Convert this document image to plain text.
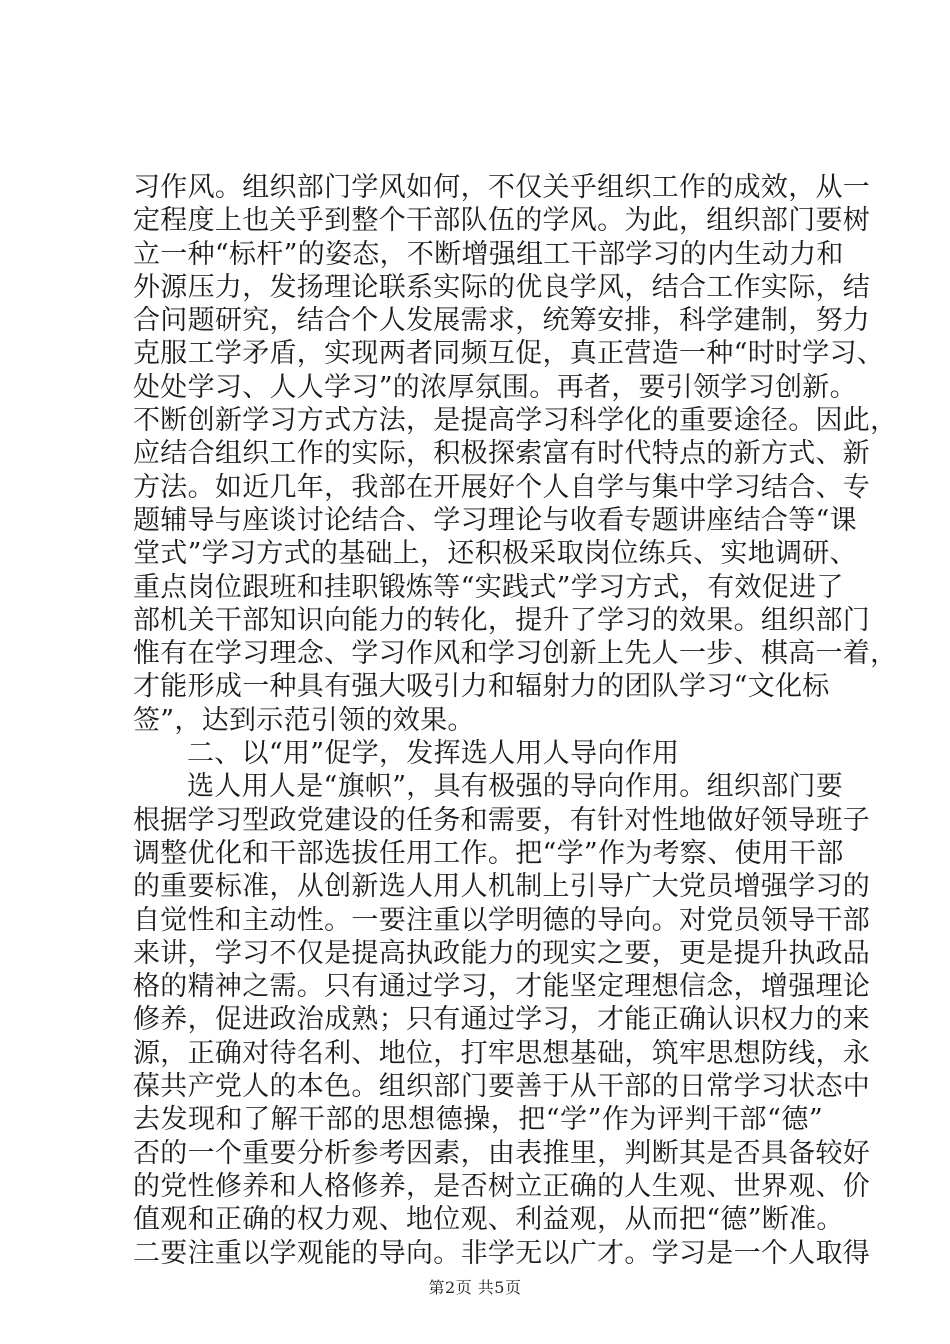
习作风。组织部门学风如何，不仅关乎组织工作的成效，从一
定程度上也关乎到整个干部队伍的学风。为此，组织部门要树
立一种“标杆”的姿态，不断增强组工干部学习的内生动力和
外源压力，发扬理论联系实际的优良学风，结合工作实际，结
合问题研究，结合个人发展需求，统筹安排，科学建制，努力
克服工学矛盾，实现两者同频互促，真正营造一种“时时学习、
处处学习、人人学习”的浓厚氛围。再者，要引领学习创新。
不断创新学习方式方法，是提高学习科学化的重要途径。因此，
应结合组织工作的实际，积极探索富有时代特点的新方式、新
方法。如近几年，我部在开展好个人自学与集中学习结合、专
题辅导与座谈讨论结合、学习理论与收看专题讲座结合等“课
堂式”学习方式的基础上，还积极采取岗位练兵、实地调研、
重点岗位跟班和挂职锻炼等“实践式”学习方式，有效促进了
部机关干部知识向能力的转化，提升了学习的效果。组织部门
惟有在学习理念、学习作风和学习创新上先人一步、棋高一着，
才能形成一种具有强大吸引力和辐射力的团队学习“文化标
签”，达到示范引领的效果。
二、以“用”促学，发挥选人用人导向作用
选人用人是“旗帜”，具有极强的导向作用。组织部门要
根据学习型政党建设的任务和需要，有针对性地做好领导班子
调整优化和干部选拔任用工作。把“学”作为考察、使用干部
的重要标准，从创新选人用人机制上引导广大党员增强学习的
自觉性和主动性。一要注重以学明德的导向。对党员领导干部
来讲，学习不仅是提高执政能力的现实之要，更是提升执政品
格的精神之需。只有通过学习，才能坚定理想信念，增强理论
修养，促进政治成熟；只有通过学习，才能正确认识权力的来
源，正确对待名利、地位，打牢思想基础，筑牢思想防线，永
葆共产党人的本色。组织部门要善于从干部的日常学习状态中
去发现和了解干部的思想德操，把“学”作为评判干部“德”
否的一个重要分析参考因素，由表推里，判断其是否具备较好
的党性修养和人格修养，是否树立正确的人生观、世界观、价
值观和正确的权力观、地位观、利益观，从而把“德”断准。
二要注重以学观能的导向。非学无以广才。学习是一个人取得
第2页 共5页
